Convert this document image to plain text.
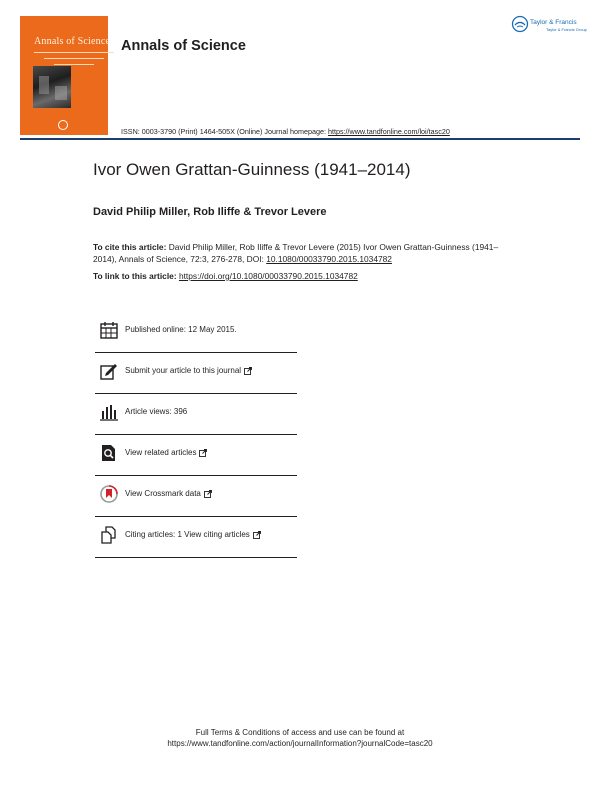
Annals of Science Annals of Science
ISSN: 0003-3790 (Print) 1464-505X (Online) Journal homepage: https://www.tandfonline.com/loi/tasc20
Taylor & Francis
Taylor & Francis Group
Ivor Owen Grattan-Guinness (1941–2014)
David Philip Miller, Rob Iliffe & Trevor Levere
To cite this article: David Philip Miller, Rob Iliffe & Trevor Levere (2015) Ivor Owen Grattan-Guinness (1941–2014), Annals of Science, 72:3, 276-278, DOI: 10.1080/00033790.2015.1034782
To link to this article: https://doi.org/10.1080/00033790.2015.1034782
Published online: 12 May 2015.
Submit your article to this journal
Article views: 396
View related articles
View Crossmark data
Citing articles: 1 View citing articles
Full Terms & Conditions of access and use can be found at
https://www.tandfonline.com/action/journalInformation?journalCode=tasc20
